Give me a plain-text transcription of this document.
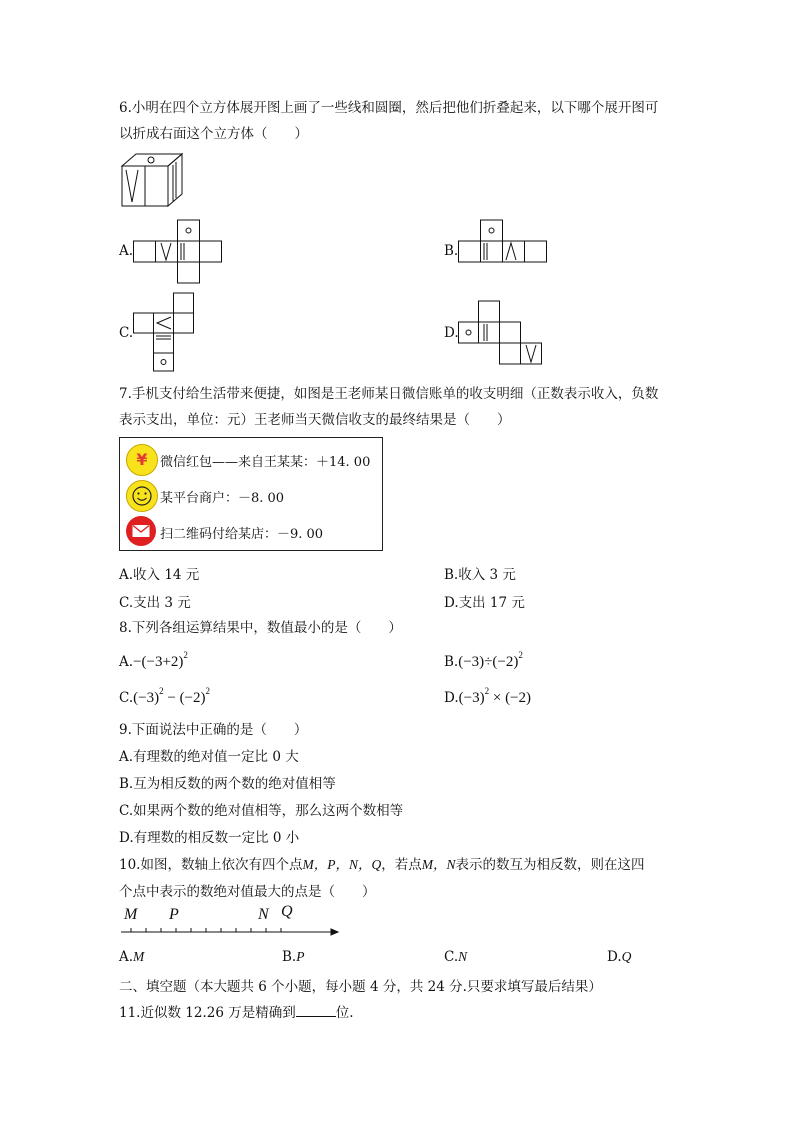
6.小明在四个立方体展开图上画了一些线和圆圈，然后把他们折叠起来，以下哪个展开图可
以折成右面这个立方体（　　）
A.	B.
C.	D.
7.手机支付给生活带来便捷，如图是王老师某日微信账单的收支明细（正数表示收入，负数
表示支出，单位：元）王老师当天微信收支的最终结果是（　　）
¥ 微信红包——来自王某某：＋14. 00
某平台商户：－8. 00
扫二维码付给某店：－9. 00
A.收入 14 元	B.收入 3 元
C.支出 3 元	D.支出 17 元
8.下列各组运算结果中，数值最小的是（　　）
$A.-(-3+2)^2$	$B.(-3)\div(-2)^2$
$C.(-3)^2 - (-2)^2$	$D.(-3)^2 \times (-2)$
9.下面说法中正确的是（　　）
A.有理数的绝对值一定比 0 大
B.互为相反数的两个数的绝对值相等
C.如果两个数的绝对值相等，那么这两个数相等
D.有理数的相反数一定比 0 小
10.如图，数轴上依次有四个点M，P，N，Q，若点M，N表示的数互为相反数，则在这四
个点中表示的数绝对值最大的点是（　　）
M P	N Q
A.M	B.P	C.N	D.Q
二、填空题（本大题共 6 个小题，每小题 4 分，共 24 分.只要求填写最后结果）
11.近似数 12.26 万是精确到	位.
